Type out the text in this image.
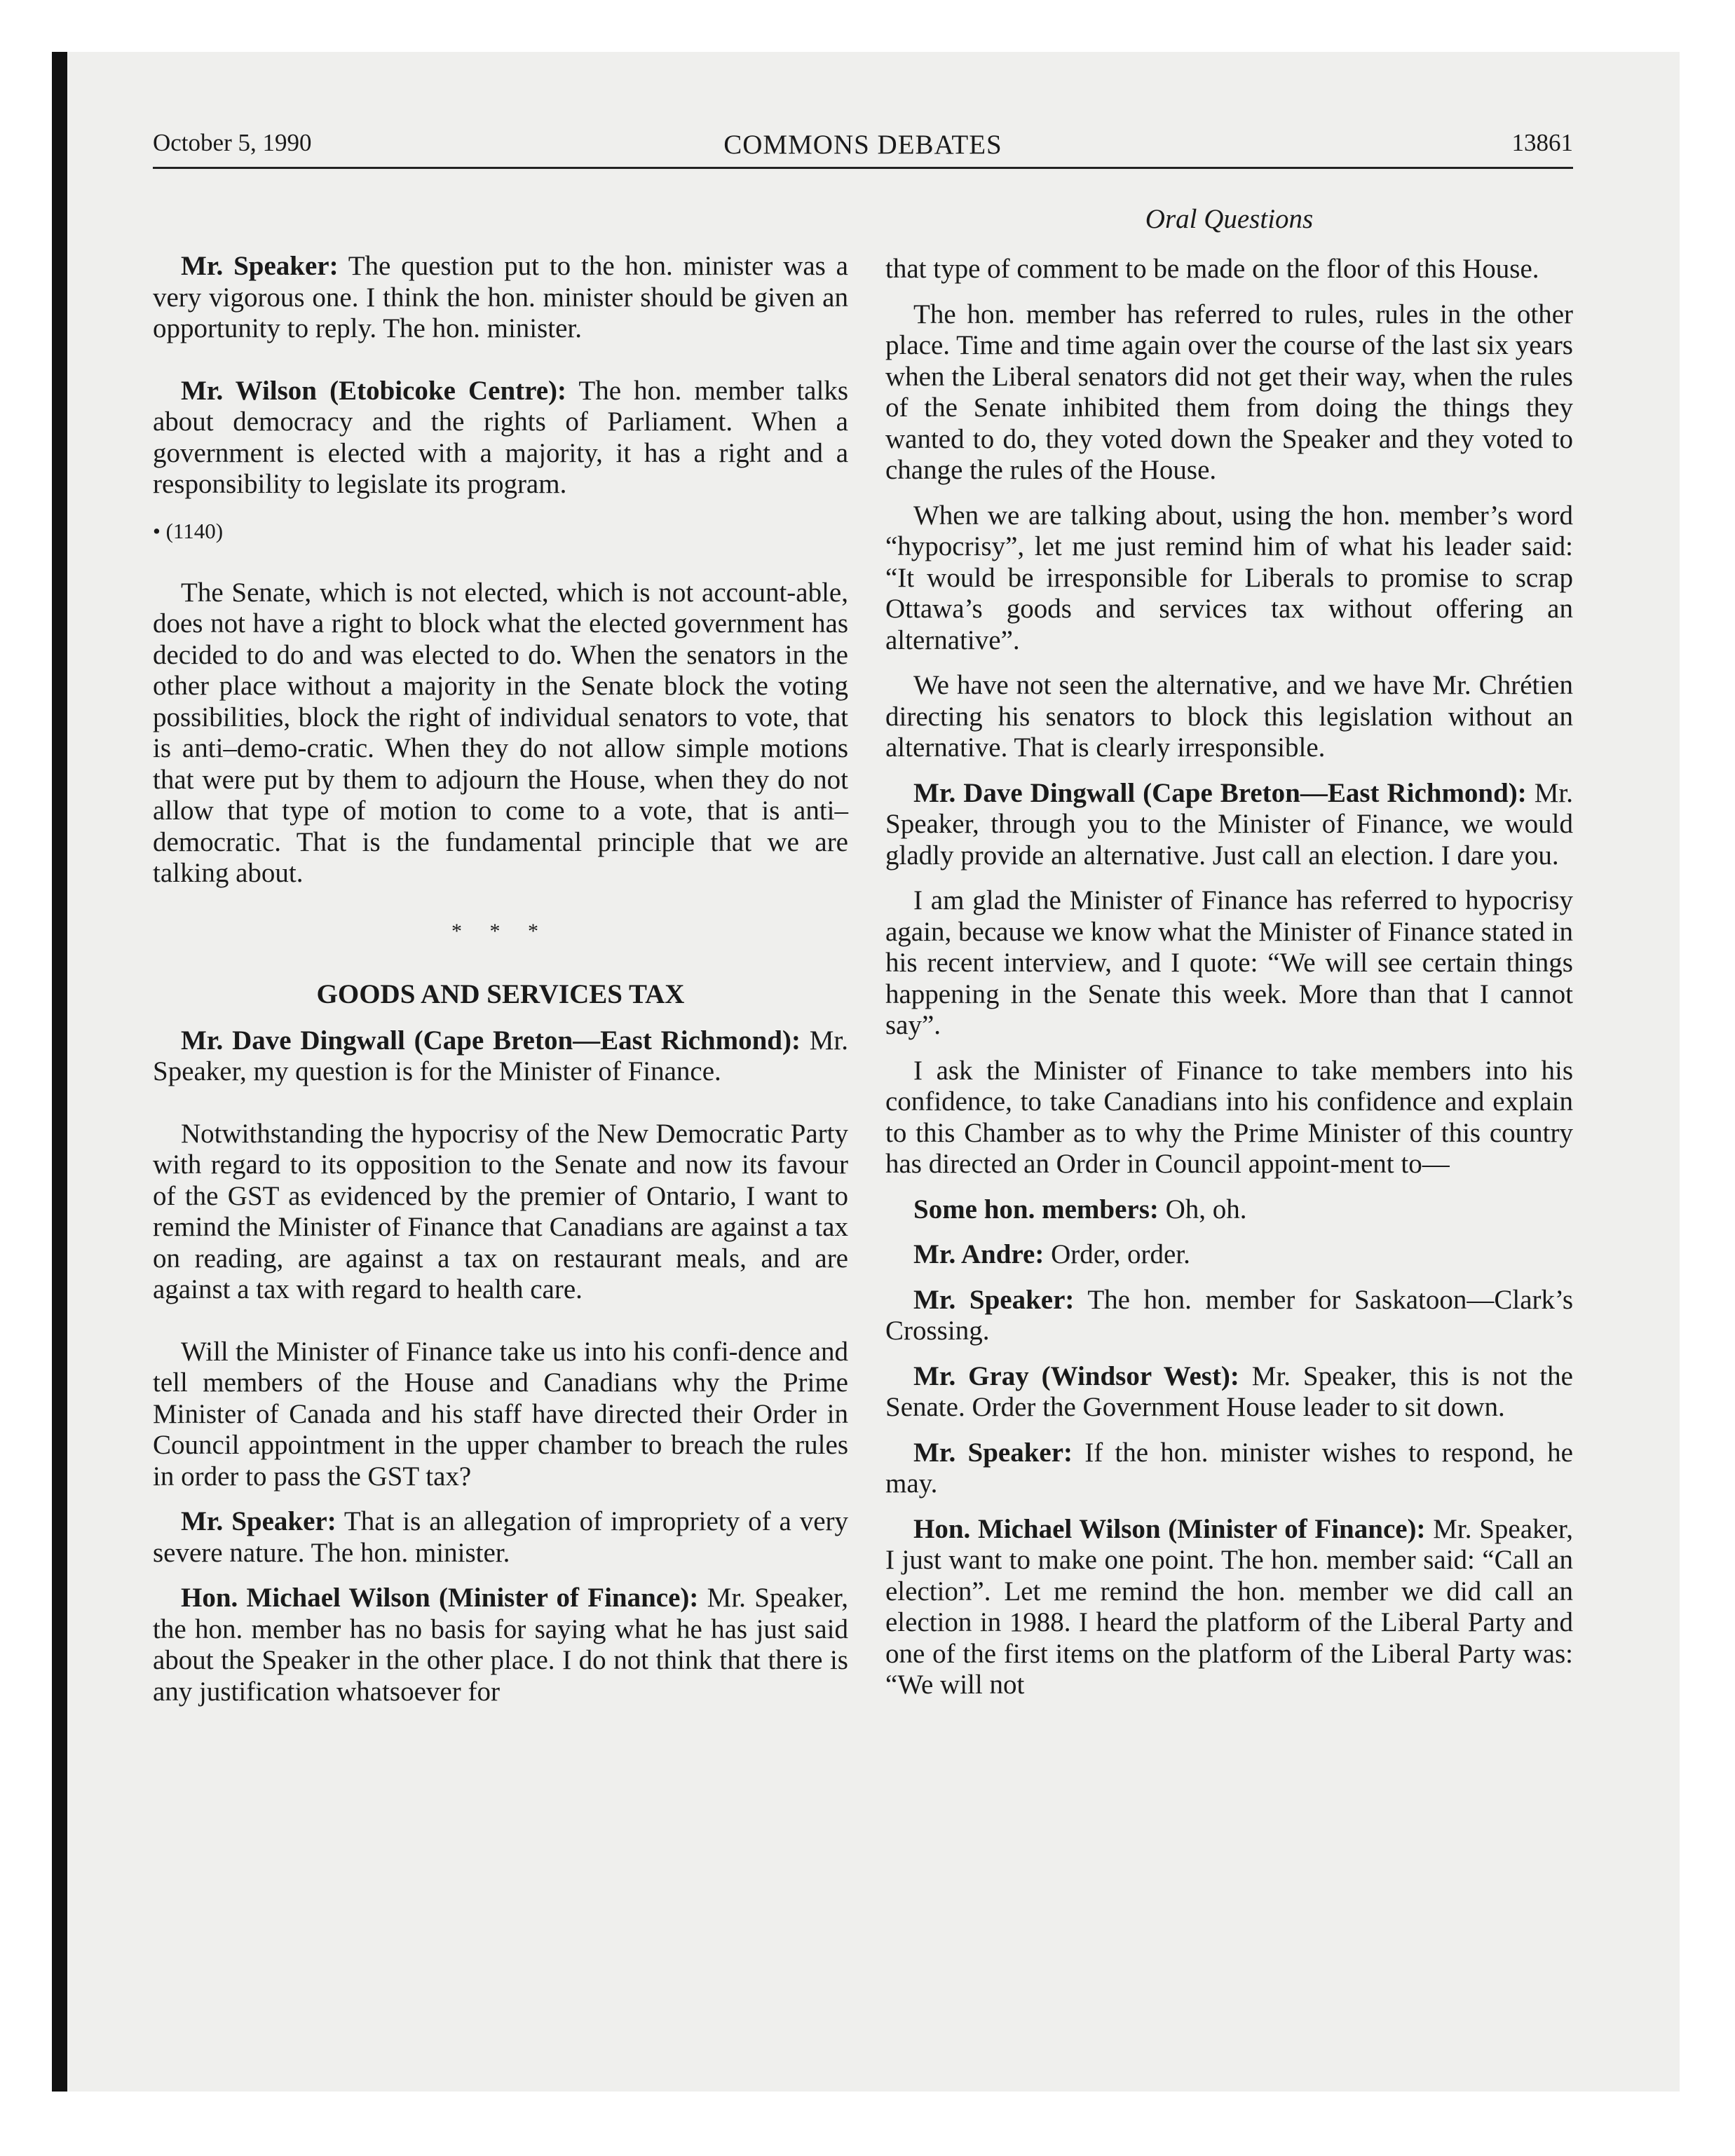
October 5, 1990	COMMONS DEBATES	13861
Oral Questions

Mr. Speaker: The question put to the hon. minister was a very vigorous one. I think the hon. minister should be given an opportunity to reply. The hon. minister.

Mr. Wilson (Etobicoke Centre): The hon. member talks about democracy and the rights of Parliament. When a government is elected with a majority, it has a right and a responsibility to legislate its program.

• (1140)

The Senate, which is not elected, which is not account-able, does not have a right to block what the elected government has decided to do and was elected to do. When the senators in the other place without a majority in the Senate block the voting possibilities, block the right of individual senators to vote, that is anti–demo-cratic. When they do not allow simple motions that were put by them to adjourn the House, when they do not allow that type of motion to come to a vote, that is anti–democratic. That is the fundamental principle that we are talking about.

* * *
GOODS AND SERVICES TAX

Mr. Dave Dingwall (Cape Breton—East Richmond): Mr. Speaker, my question is for the Minister of Finance.

Notwithstanding the hypocrisy of the New Democratic Party with regard to its opposition to the Senate and now its favour of the GST as evidenced by the premier of Ontario, I want to remind the Minister of Finance that Canadians are against a tax on reading, are against a tax on restaurant meals, and are against a tax with regard to health care.

Will the Minister of Finance take us into his confi-dence and tell members of the House and Canadians why the Prime Minister of Canada and his staff have directed their Order in Council appointment in the upper chamber to breach the rules in order to pass the GST tax?

Mr. Speaker: That is an allegation of impropriety of a very severe nature. The hon. minister.

Hon. Michael Wilson (Minister of Finance): Mr. Speaker, the hon. member has no basis for saying what he has just said about the Speaker in the other place. I do not think that there is any justification whatsoever for

that type of comment to be made on the floor of this House.

The hon. member has referred to rules, rules in the other place. Time and time again over the course of the last six years when the Liberal senators did not get their way, when the rules of the Senate inhibited them from doing the things they wanted to do, they voted down the Speaker and they voted to change the rules of the House.

When we are talking about, using the hon. member’s word “hypocrisy”, let me just remind him of what his leader said: “It would be irresponsible for Liberals to promise to scrap Ottawa’s goods and services tax without offering an alternative”.

We have not seen the alternative, and we have Mr. Chrétien directing his senators to block this legislation without an alternative. That is clearly irresponsible.

Mr. Dave Dingwall (Cape Breton—East Richmond): Mr. Speaker, through you to the Minister of Finance, we would gladly provide an alternative. Just call an election. I dare you.

I am glad the Minister of Finance has referred to hypocrisy again, because we know what the Minister of Finance stated in his recent interview, and I quote: “We will see certain things happening in the Senate this week. More than that I cannot say”.

I ask the Minister of Finance to take members into his confidence, to take Canadians into his confidence and explain to this Chamber as to why the Prime Minister of this country has directed an Order in Council appoint-ment to—

Some hon. members: Oh, oh.

Mr. Andre: Order, order.

Mr. Speaker: The hon. member for Saskatoon—Clark’s Crossing.

Mr. Gray (Windsor West): Mr. Speaker, this is not the Senate. Order the Government House leader to sit down.

Mr. Speaker: If the hon. minister wishes to respond, he may.

Hon. Michael Wilson (Minister of Finance): Mr. Speaker, I just want to make one point. The hon. member said: “Call an election”. Let me remind the hon. member we did call an election in 1988. I heard the platform of the Liberal Party and one of the first items on the platform of the Liberal Party was: “We will not
